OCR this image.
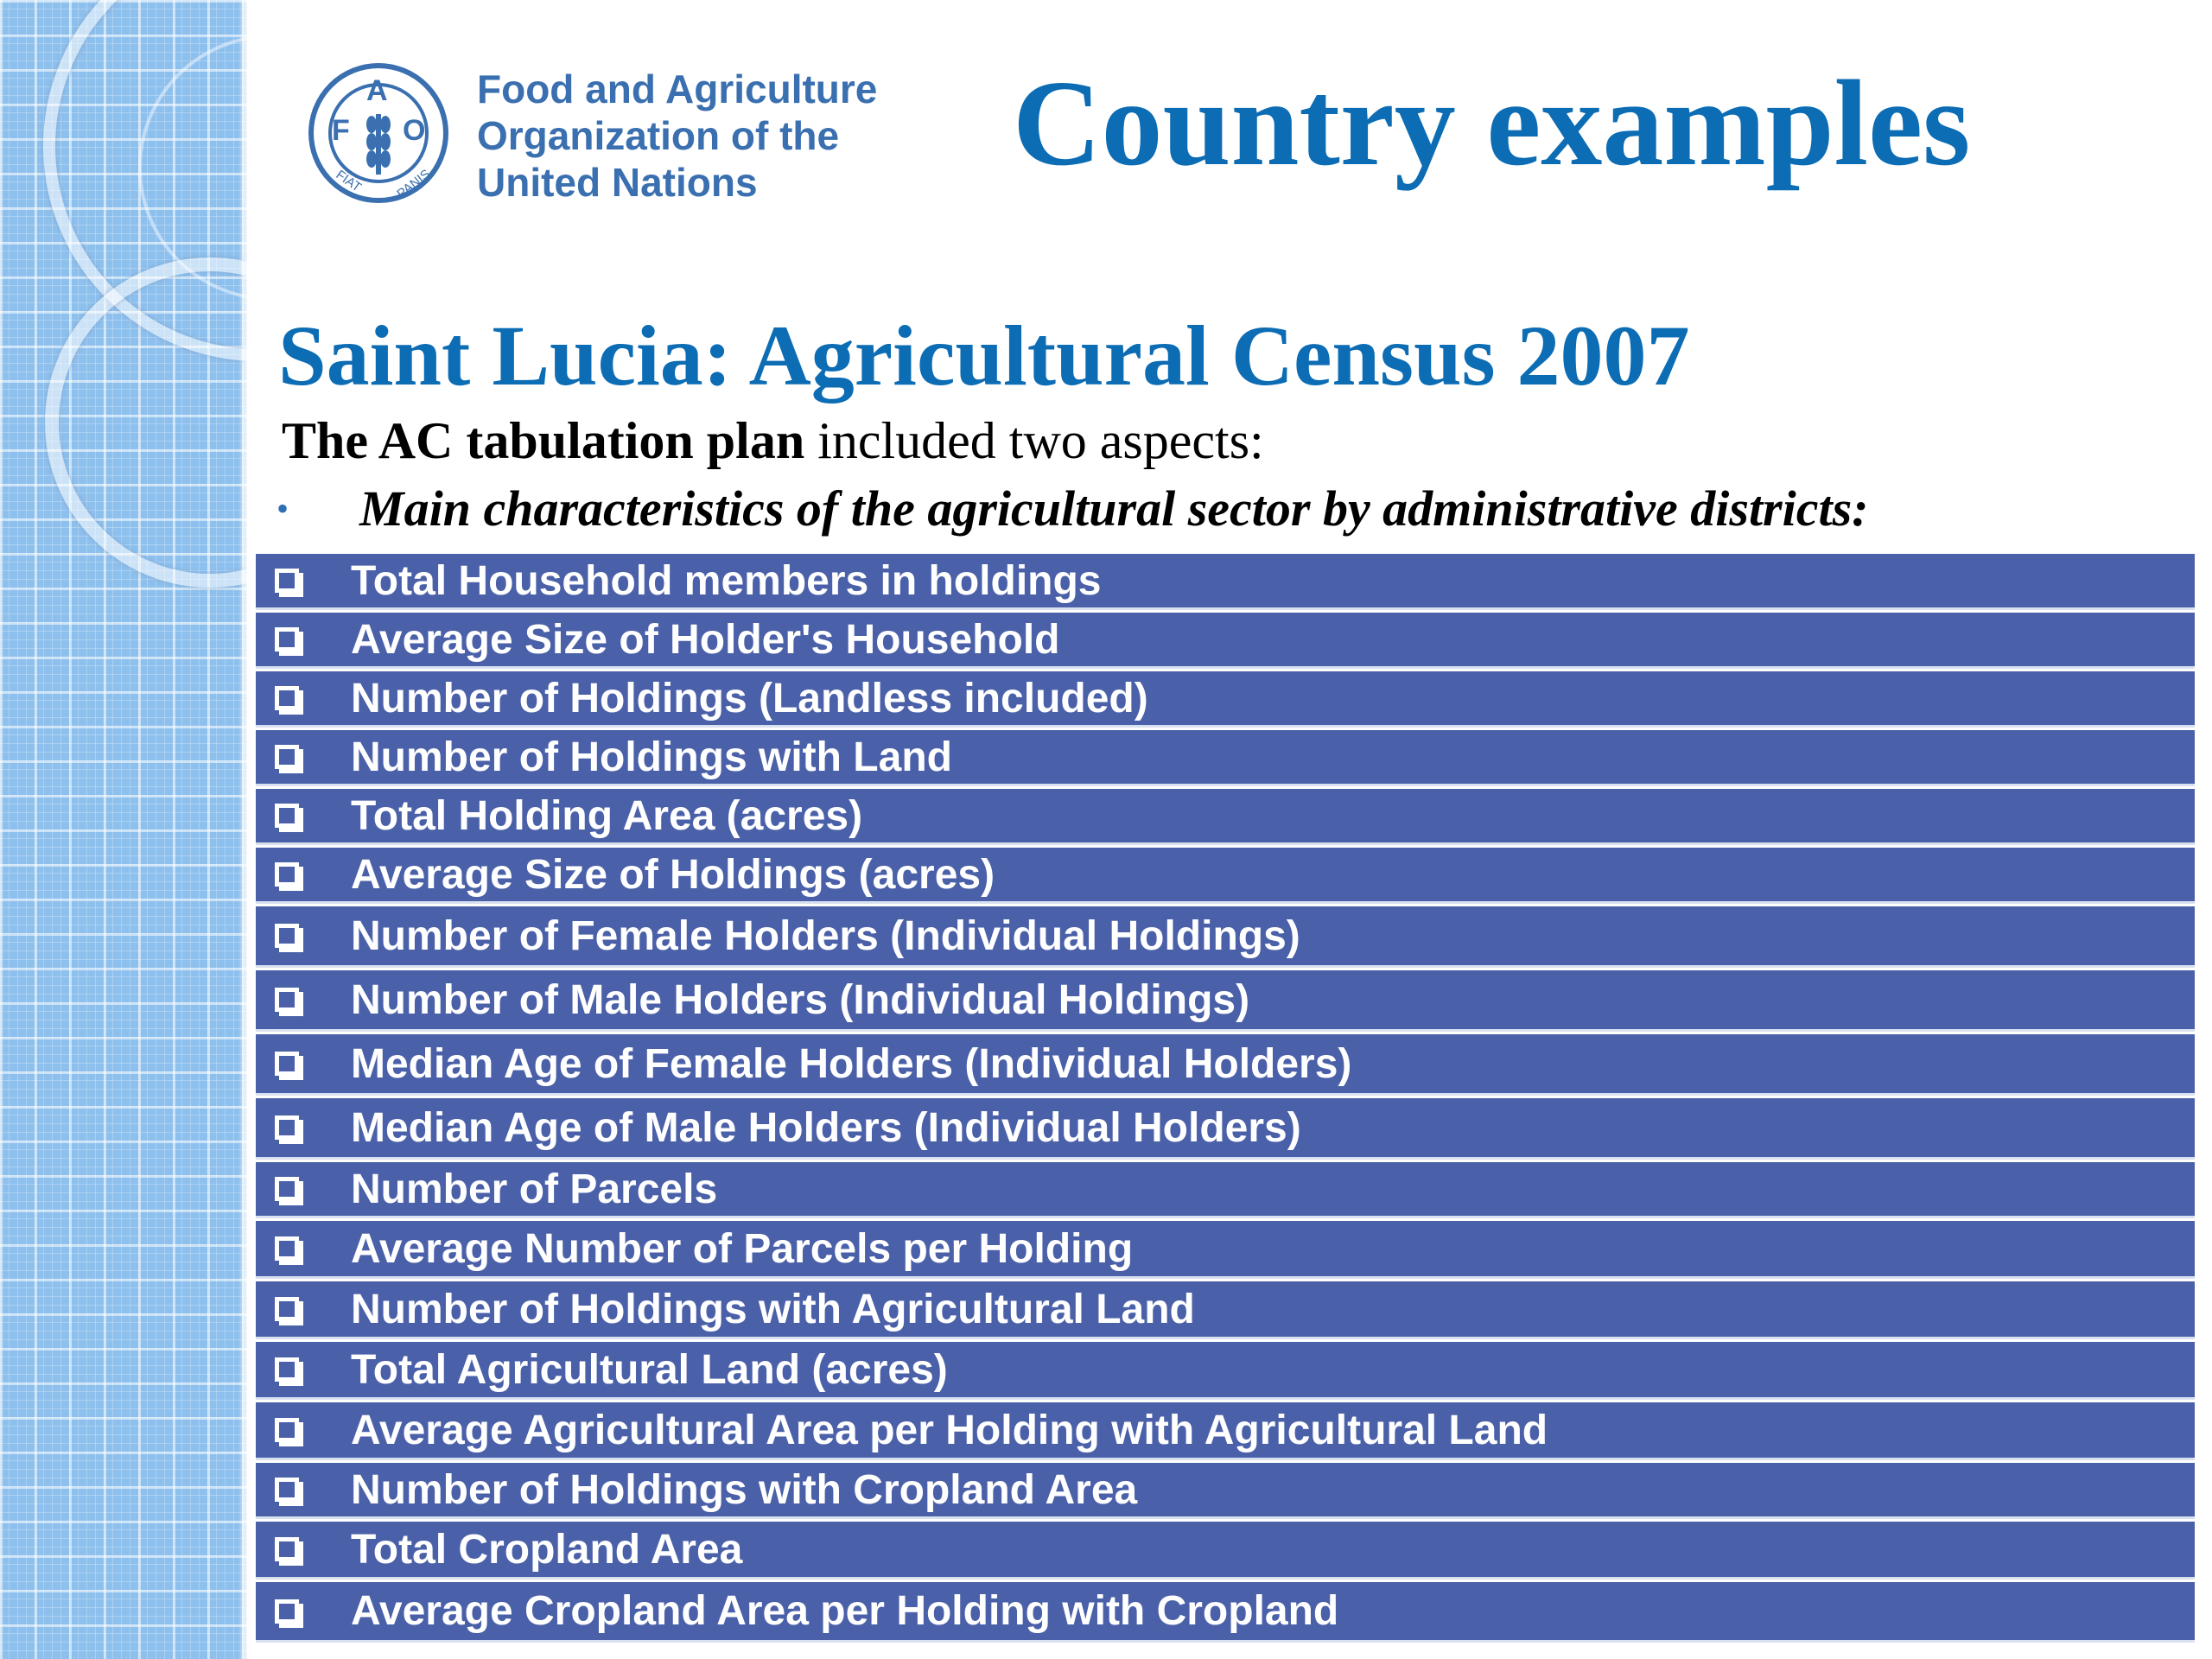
F
A
O
FIAT PANIS
Food and Agriculture
Organization of the
United Nations	Country examples
Saint Lucia: Agricultural Census 2007
The AC tabulation plan included two aspects:
•	Main characteristics of the agricultural sector by administrative districts:
Total Household members in holdings
Average Size of Holder's Household
Number of Holdings (Landless included)
Number of Holdings with Land
Total Holding Area (acres)
Average Size of Holdings (acres)
Number of Female Holders (Individual Holdings)
Number of Male Holders (Individual Holdings)
Median Age of Female Holders (Individual Holders)
Median Age of Male Holders (Individual Holders)
Number of Parcels
Average Number of Parcels per Holding
Number of Holdings with Agricultural Land
Total Agricultural Land (acres)
Average Agricultural Area per Holding with Agricultural Land
Number of Holdings with Cropland Area
Total Cropland Area
Average Cropland Area per Holding with Cropland
